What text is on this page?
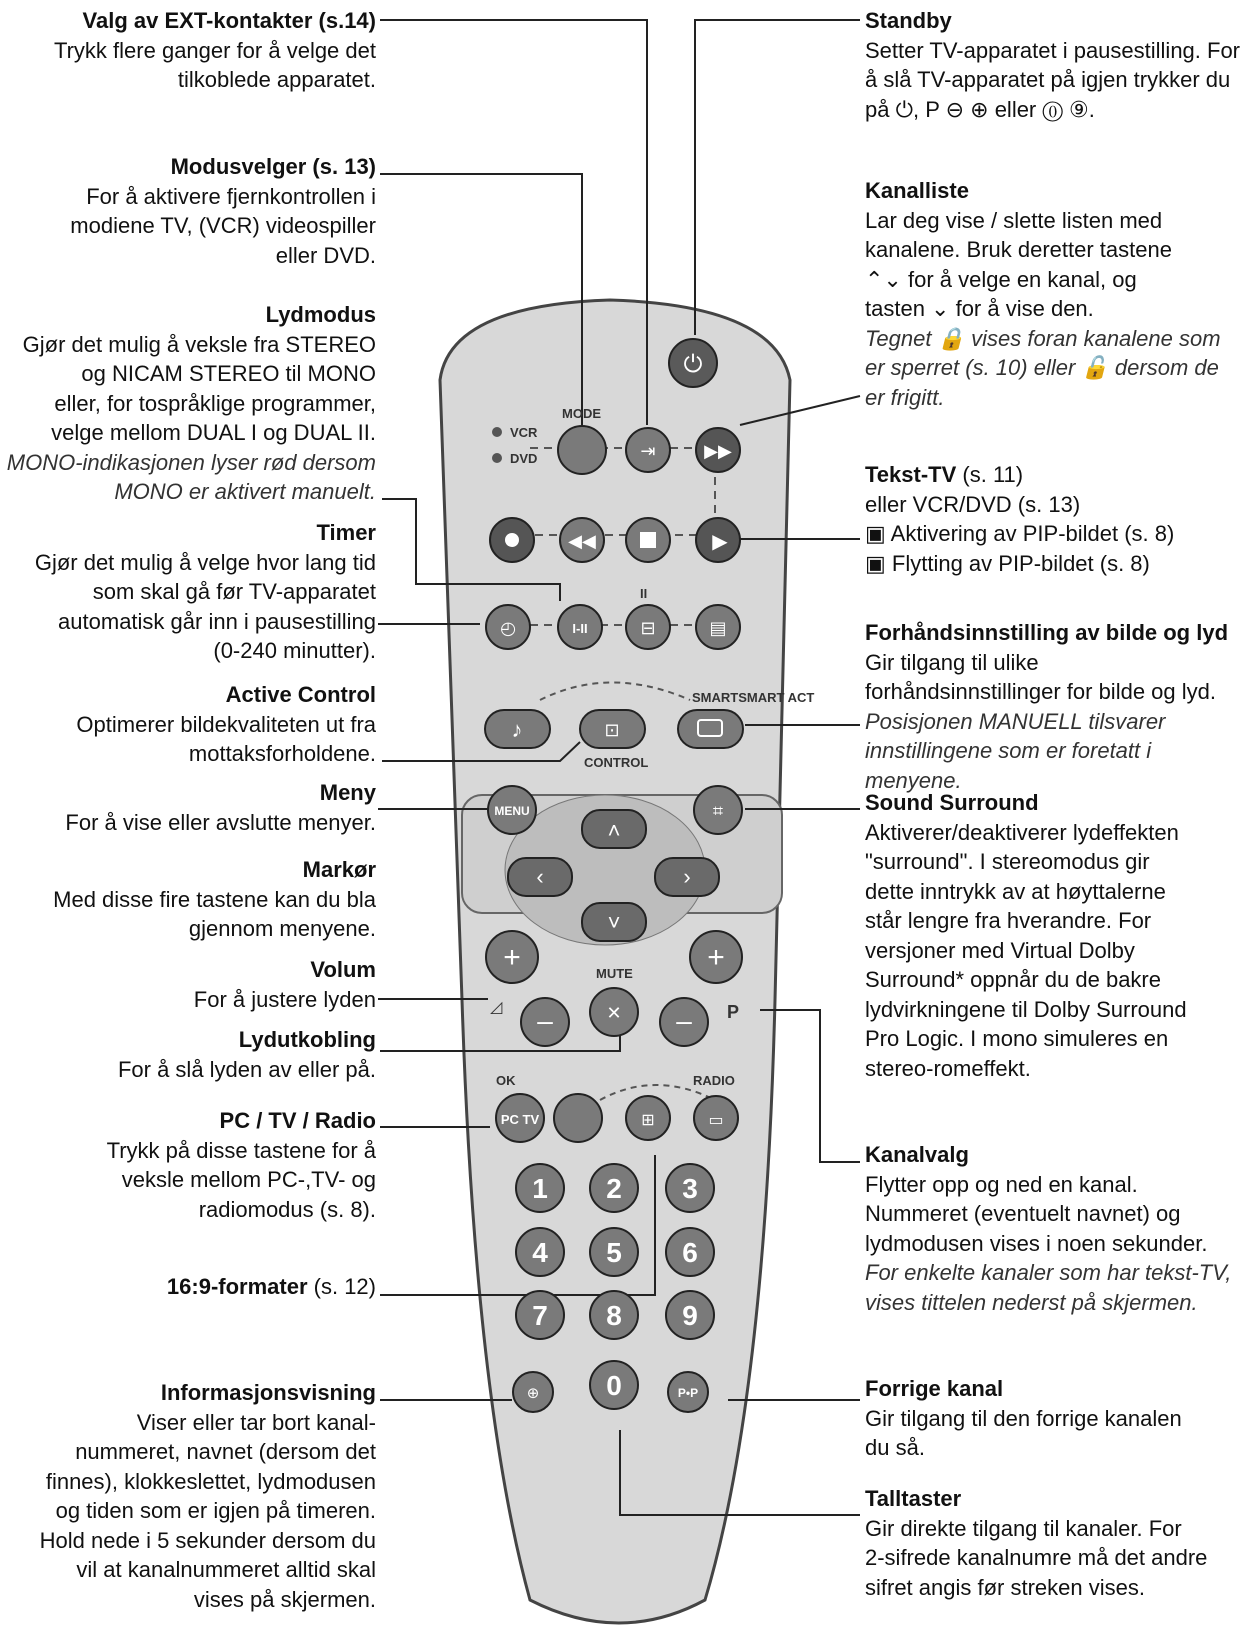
⏻
VCR
DVD
MODE
⇥	▶▶
◀◀	▶
II
◴	I-II	⊟	▤
SMARTSMART ACT
♪	⊡
CONTROL
MENU	⌗
˄
‹	›
˅
+
–
◿
MUTE
✕
+
– P
OK	RADIO
PC TV	⊞	▭
1 2 3
4 5 6
7 8 9
0
⊕	P•P
Valg av EXT-kontakter (s.14)
Trykk flere ganger for å velge det
tilkoblede apparatet.
Modusvelger (s. 13)
For å aktivere fjernkontrollen i
modiene TV, (VCR) videospiller
eller DVD.
Lydmodus
Gjør det mulig å veksle fra STEREO
og NICAM STEREO til MONO
eller, for tospråklige programmer,
velge mellom DUAL I og DUAL II.
MONO-indikasjonen lyser rød dersom
MONO er aktivert manuelt.
Timer
Gjør det mulig å velge hvor lang tid
som skal gå før TV-apparatet
automatisk går inn i pausestilling
(0-240 minutter).
Active Control
Optimerer bildekvaliteten ut fra
mottaksforholdene.
Meny
For å vise eller avslutte menyer.
Markør
Med disse fire tastene kan du bla
gjennom menyene.
Volum
For å justere lyden
Lydutkobling
For å slå lyden av eller på.
PC / TV / Radio
Trykk på disse tastene for å
veksle mellom PC-,TV- og
radiomodus (s. 8).
16:9-formater (s. 12)
Informasjonsvisning
Viser eller tar bort kanal-
nummeret, navnet (dersom det
finnes), klokkeslettet, lydmodusen
og tiden som er igjen på timeren.
Hold nede i 5 sekunder dersom du
vil at kanalnummeret alltid skal
vises på skjermen.
Standby
Setter TV-apparatet i pausestilling. For
å slå TV-apparatet på igjen trykker du
på ⏻, P ⊖ ⊕ eller ⓪ ⑨.
Kanalliste
Lar deg vise / slette listen med
kanalene. Bruk deretter tastene
⌃⌄ for å velge en kanal, og
tasten ⌄ for å vise den.
Tegnet 🔒 vises foran kanalene som
er sperret (s. 10) eller 🔓 dersom de
er frigitt.
Tekst-TV (s. 11)
eller VCR/DVD (s. 13)
▣ Aktivering av PIP-bildet (s. 8)
▣ Flytting av PIP-bildet (s. 8)
Forhåndsinnstilling av bilde og lyd
Gir tilgang til ulike
forhåndsinnstillinger for bilde og lyd.
Posisjonen MANUELL tilsvarer
innstillingene som er foretatt i menyene.
Sound Surround
Aktiverer/deaktiverer lydeffekten
"surround". I stereomodus gir
dette inntrykk av at høyttalerne
står lengre fra hverandre. For
versjoner med Virtual Dolby
Surround* oppnår du de bakre
lydvirkningene til Dolby Surround
Pro Logic. I mono simuleres en
stereo-romeffekt.
Kanalvalg
Flytter opp og ned en kanal.
Nummeret (eventuelt navnet) og
lydmodusen vises i noen sekunder.
For enkelte kanaler som har tekst-TV,
vises tittelen nederst på skjermen.
Forrige kanal
Gir tilgang til den forrige kanalen
du så.
Talltaster
Gir direkte tilgang til kanaler. For
2-sifrede kanalnumre må det andre
sifret angis før streken vises.
